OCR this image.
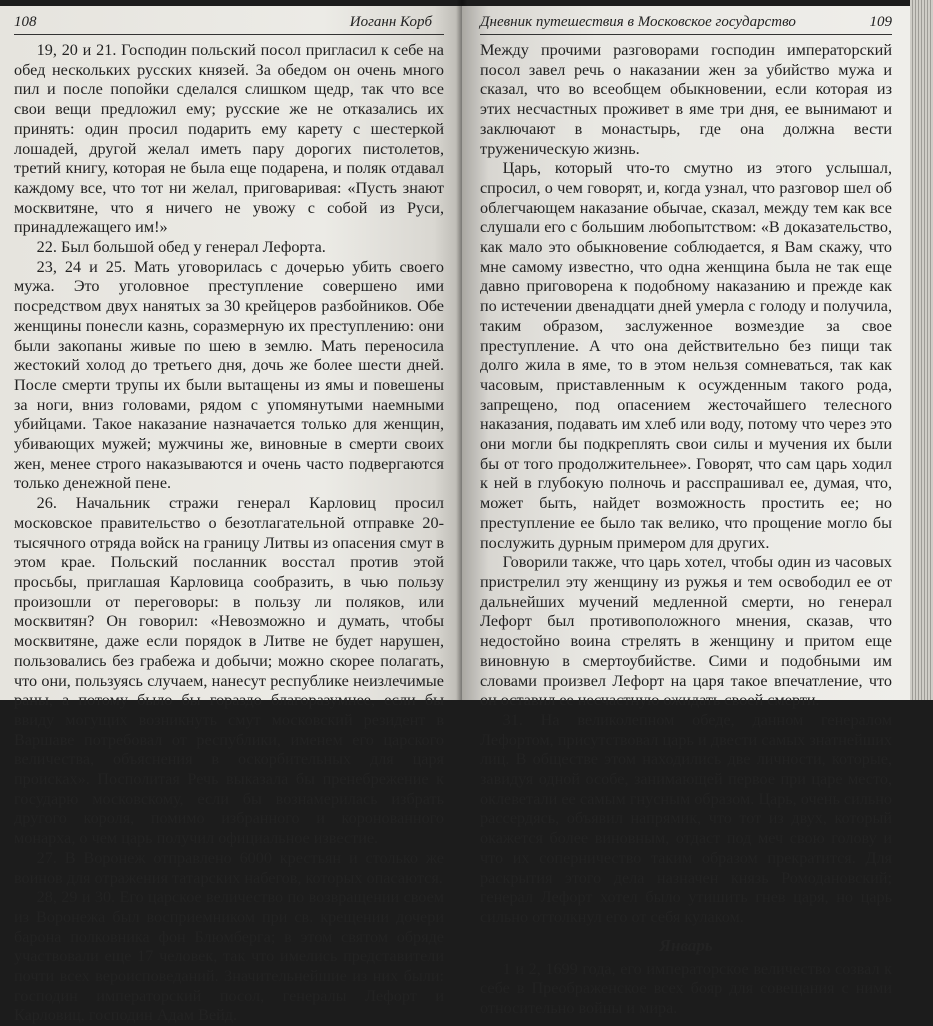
108	Иоганн Корб

19, 20 и 21. Господин польский посол пригласил к себе на обед нескольких русских князей. За обедом он очень много пил и после попойки сделался слишком щедр, так что все свои вещи предложил ему; русские же не отказались их принять: один просил подарить ему карету с шестеркой лошадей, другой желал иметь пару дорогих пистолетов, третий книгу, которая не была еще подарена, и поляк отдавал каждому все, что тот ни желал, приговаривая: «Пусть знают москвитяне, что я ничего не увожу с собой из Руси, принадлежащего им!»

22. Был большой обед у генерал Лефорта.

23, 24 и 25. Мать уговорилась с дочерью убить своего мужа. Это уголовное преступление совершено ими посредством двух нанятых за 30 крейцеров разбойников. Обе женщины понесли казнь, соразмерную их преступлению: они были закопаны живые по шею в землю. Мать переносила жестокий холод до третьего дня, дочь же более шести дней. После смерти трупы их были вытащены из ямы и повешены за ноги, вниз головами, рядом с упомянутыми наемными убийцами. Такое наказание назначается только для женщин, убивающих мужей; мужчины же, виновные в смерти своих жен, менее строго наказываются и очень часто подвергаются только денежной пене.

26. Начальник стражи генерал Карловиц просил московское правительство о безотлагательной отправке 20-тысячного отряда войск на границу Литвы из опасения смут в этом крае. Польский посланник восстал против этой просьбы, приглашая Карловица сообразить, в чью пользу произошли от переговоры: в пользу ли поляков, или москвитян? Он говорил: «Невозможно и думать, чтобы москвитяне, даже если порядок в Литве не будет нарушен, пользовались без грабежа и добычи; можно скорее полагать, что они, пользуясь случаем, нанесут республике неизлечимые раны, а потому было бы гораздо благоразумнее, если бы ввиду могущих возникнуть смут московский резидент в Варшаве потребовал от республики, именем его царского величества, объяснения в оскорбительных для царя происках». Посполитая Речь выказала бы пренебрежение к государю московскому, если бы вознамерилась избрать другого короля, помимо избранного и коронованного монарха, о чем царь получил официальное известие.

27. В Воронеж отправлено 6000 крестьян и столько же воинов для отражения татарских набегов, которых опасаются.

28, 29 и 30. Его царское величество по возвращении своем из Воронежа был восприемником при св. крещении дочери барона полковника фон Блюмберга; в этом святом обряде участвовали еще 17 человек, так что имелись представители почти всех вероисповеданий. Значительнейшие из них были: господин императорский посол, генералы Лефорт и Карловиц, господин Адам Вейд.

Дневник путешествия в Московское государство	109

Между прочими разговорами господин императорский посол завел речь о наказании жен за убийство мужа и сказал, что во всеобщем обыкновении, если которая из этих несчастных проживет в яме три дня, ее вынимают и заключают в монастырь, где она должна вести труженическую жизнь.

Царь, который что-то смутно из этого услышал, спросил, о чем говорят, и, когда узнал, что разговор шел об облегчающем наказание обычае, сказал, между тем как все слушали его с большим любопытством: «В доказательство, как мало это обыкновение соблюдается, я Вам скажу, что мне самому известно, что одна женщина была не так еще давно приговорена к подобному наказанию и прежде как по истечении двенадцати дней умерла с голоду и получила, таким образом, заслуженное возмездие за свое преступление. А что она действительно без пищи так долго жила в яме, то в этом нельзя сомневаться, так как часовым, приставленным к осужденным такого рода, запрещено, под опасением жесточайшего телесного наказания, подавать им хлеб или воду, потому что через это они могли бы подкреплять свои силы и мучения их были бы от того продолжительнее». Говорят, что сам царь ходил к ней в глубокую полночь и расспрашивал ее, думая, что, может быть, найдет возможность простить ее; но преступление ее было так велико, что прощение могло бы послужить дурным примером для других.

Говорили также, что царь хотел, чтобы один из часовых пристрелил эту женщину из ружья и тем освободил ее от дальнейших мучений медленной смерти, но генерал Лефорт был противоположного мнения, сказав, что недостойно воина стрелять в женщину и притом еще виновную в смертоубийстве. Сими и подобными им словами произвел Лефорт на царя такое впечатление, что он оставил ее несчастную ожидать своей смерти.

31. На великолепном обеде, данном генералом Лефортом, присутствовал царь и двести самых знатнейших лиц. В обществе этом находились две личности, которые, завидуя одной особе, занимающей первое при царе место, оклеветали ее самым гнусным образом. Царь, очень сильно рассердясь, объявил напрямик, что тот из двух, который окажется более виновным, отдаст под меч свою голову и что их соперничество таким образом прекратится. Для раскрытия этого дела назначен князь Ромодановский; генерал Лефорт хотел было утишить гнев царя, но царь сильно оттолкнул его от себя кулаком.

Январь

1 и 2, 1699 года, его императорское величество созвал к себе в Преображенское всех бояр для совещания с ними относительно войны и мира.
